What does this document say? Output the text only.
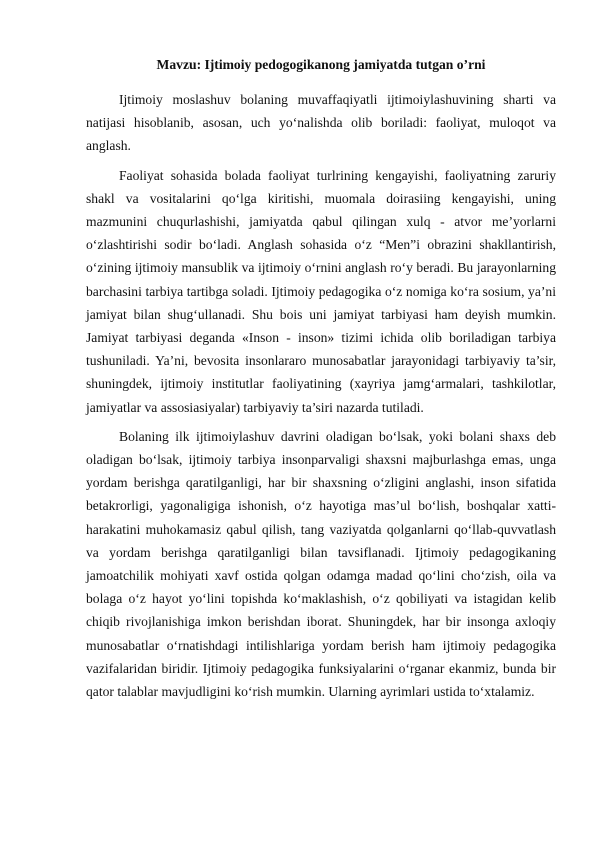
Mavzu: Ijtimoiy pedogogikanong jamiyatda tutgan o’rni

Ijtimoiy moslashuv bolaning muvaffaqiyatli ijtimoiylashuvining sharti va natijasi hisoblanib, asosan, uch yo‘nalishda olib boriladi: faoliyat, muloqot va anglash.

Faoliyat sohasida bolada faoliyat turlrining kengayishi, faoliyatning zaruriy shakl va vositalarini qo‘lga kiritishi, muomala doirasiing kengayishi, uning mazmunini chuqurlashishi, jamiyatda qabul qilingan xulq - atvor me’yorlarni o‘zlashtirishi sodir bo‘ladi. Anglash sohasida o‘z “Men”i obrazini shakllantirish, o‘zining ijtimoiy mansublik va ijtimoiy o‘rnini anglash ro‘y beradi. Bu jarayonlarning barchasini tarbiya tartibga soladi. Ijtimoiy pedagogika o‘z nomiga ko‘ra sosium, ya’ni jamiyat bilan shug‘ullanadi. Shu bois uni jamiyat tarbiyasi ham deyish mumkin. Jamiyat tarbiyasi deganda «Inson - inson» tizimi ichida olib boriladigan tarbiya tushuniladi. Ya’ni, bevosita insonlararo munosabatlar jarayonidagi tarbiyaviy ta’sir, shuningdek, ijtimoiy institutlar faoliyatining (xayriya jamg‘armalari, tashkilotlar, jamiyatlar va assosiasiyalar) tarbiyaviy ta’siri nazarda tutiladi.

Bolaning ilk ijtimoiylashuv davrini oladigan bo‘lsak, yoki bolani shaxs deb oladigan bo‘lsak, ijtimoiy tarbiya insonparvaligi shaxsni majburlashga emas, unga yordam berishga qaratilganligi, har bir shaxsning o‘zligini anglashi, inson sifatida betakrorligi, yagonaligiga ishonish, o‘z hayotiga mas’ul bo‘lish, boshqalar xatti-harakatini muhokamasiz qabul qilish, tang vaziyatda qolganlarni qo‘llab-quvvatlash va yordam berishga qaratilganligi bilan tavsiflanadi. Ijtimoiy pedagogikaning jamoatchilik mohiyati xavf ostida qolgan odamga madad qo‘lini cho‘zish, oila va bolaga o‘z hayot yo‘lini topishda ko‘maklashish, o‘z qobiliyati va istagidan kelib chiqib rivojlanishiga imkon berishdan iborat. Shuningdek, har bir insonga axloqiy munosabatlar o‘rnatishdagi intilishlariga yordam berish ham ijtimoiy pedagogika vazifalaridan biridir. Ijtimoiy pedagogika funksiyalarini o‘rganar ekanmiz, bunda bir qator talablar mavjudligini ko‘rish mumkin. Ularning ayrimlari ustida to‘xtalamiz.
